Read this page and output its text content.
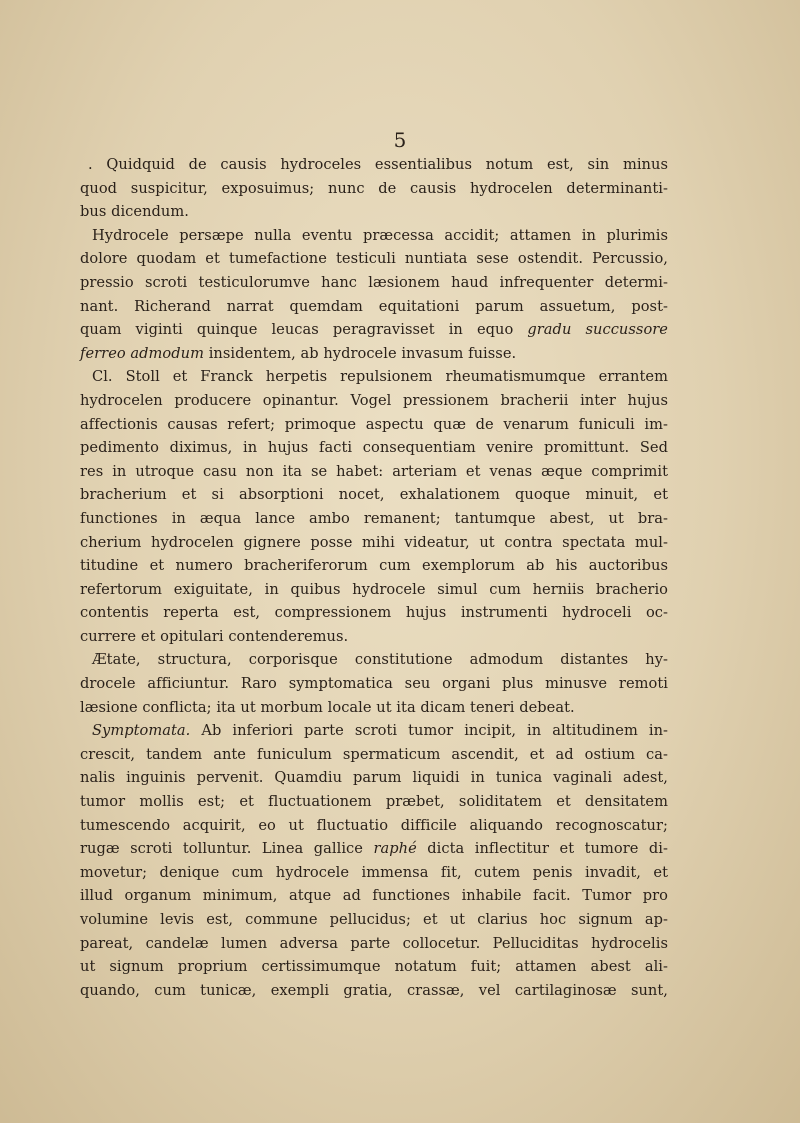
5
. Quidquid de causis hydroceles essentialibus notum est, sin minus
quod suspicitur, exposuimus; nunc de causis hydrocelen determinanti-
bus dicendum.
Hydrocele persæpe nulla eventu præcessa accidit; attamen in plurimis
dolore quodam et tumefactione testiculi nuntiata sese ostendit. Percussio,
pressio scroti testiculorumve hanc læsionem haud infrequenter determi-
nant. Richerand narrat quemdam equitationi parum assuetum, post-
quam viginti quinque leucas peragravisset in equo gradu succussore
ferreo admodum insidentem, ab hydrocele invasum fuisse.
Cl. Stoll et Franck herpetis repulsionem rheumatismumque errantem
hydrocelen producere opinantur. Vogel pressionem bracherii inter hujus
affectionis causas refert; primoque aspectu quæ de venarum funiculi im-
pedimento diximus, in hujus facti consequentiam venire promittunt. Sed
res in utroque casu non ita se habet: arteriam et venas æque comprimit
bracherium et si absorptioni nocet, exhalationem quoque minuit, et
functiones in æqua lance ambo remanent; tantumque abest, ut bra-
cherium hydrocelen gignere posse mihi videatur, ut contra spectata mul-
titudine et numero bracheriferorum cum exemplorum ab his auctoribus
refertorum exiguitate, in quibus hydrocele simul cum herniis bracherio
contentis reperta est, compressionem hujus instrumenti hydroceli oc-
currere et opitulari contenderemus.
Ætate, structura, corporisque constitutione admodum distantes hy-
drocele afficiuntur. Raro symptomatica seu organi plus minusve remoti
læsione conflicta; ita ut morbum locale ut ita dicam teneri debeat.
Symptomata. Ab inferiori parte scroti tumor incipit, in altitudinem in-
crescit, tandem ante funiculum spermaticum ascendit, et ad ostium ca-
nalis inguinis pervenit. Quamdiu parum liquidi in tunica vaginali adest,
tumor mollis est; et fluctuationem præbet, soliditatem et densitatem
tumescendo acquirit, eo ut fluctuatio difficile aliquando recognoscatur;
rugæ scroti tolluntur. Linea gallice raphé dicta inflectitur et tumore di-
movetur; denique cum hydrocele immensa fit, cutem penis invadit, et
illud organum minimum, atque ad functiones inhabile facit. Tumor pro
volumine levis est, commune pellucidus; et ut clarius hoc signum ap-
pareat, candelæ lumen adversa parte collocetur. Pelluciditas hydrocelis
ut signum proprium certissimumque notatum fuit; attamen abest ali-
quando, cum tunicæ, exempli gratia, crassæ, vel cartilaginosæ sunt,
